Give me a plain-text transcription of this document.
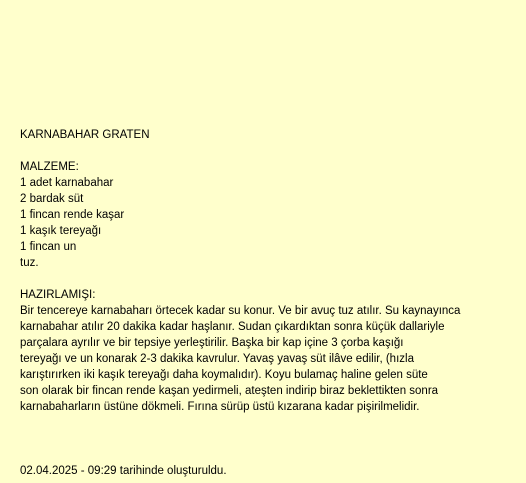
KARNABAHAR GRATEN
MALZEME:
1 adet karnabahar
2 bardak süt
1 fincan rende kaşar
1 kaşık tereyağı
1 fincan un
tuz.
HAZIRLAMIŞI:
Bir tencereye karnabaharı örtecek kadar su konur. Ve bir avuç tuz atılır. Su kaynayınca
karnabahar atılır 20 dakika kadar haşlanır. Sudan çıkardıktan sonra küçük dallariyle
parçalara ayrılır ve bir tepsiye yerleştirilir. Başka bir kap içine 3 çorba kaşığı
tereyağı ve un konarak 2-3 dakika kavrulur. Yavaş yavaş süt ilâve edilir, (hızla
karıştırırken iki kaşık tereyağı daha koymalıdır). Koyu bulamaç haline gelen süte
son olarak bir fincan rende kaşan yedirmeli, ateşten indirip biraz beklettikten sonra
karnabaharların üstüne dökmeli. Fırına sürüp üstü kızarana kadar pişirilmelidir.
02.04.2025 - 09:29 tarihinde oluşturuldu.
